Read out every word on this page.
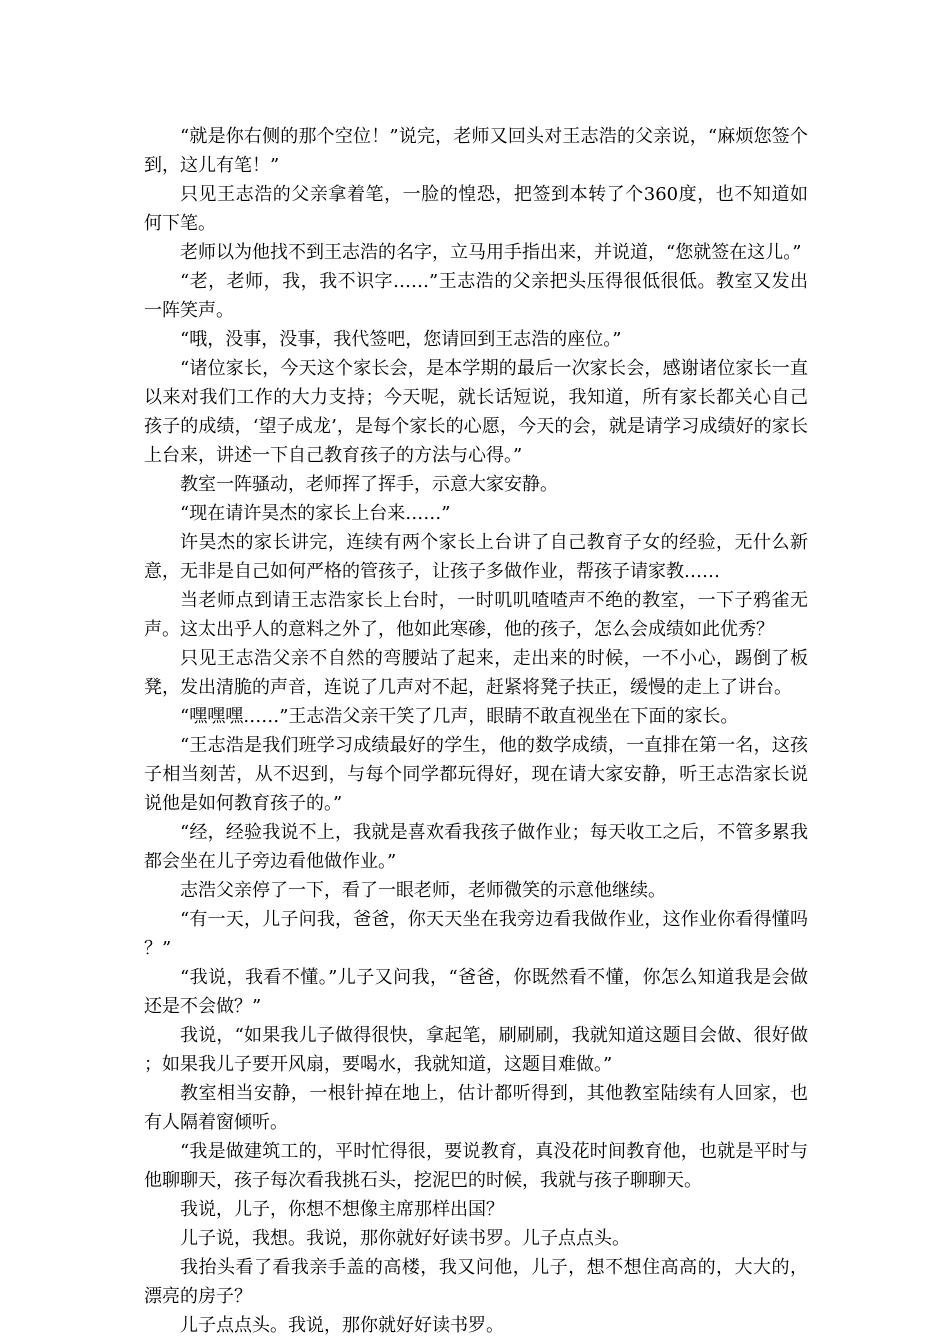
“就是你右侧的那个空位！”说完，老师又回头对王志浩的父亲说，“麻烦您签个到，这儿有笔！”

只见王志浩的父亲拿着笔，一脸的惶恐，把签到本转了个360度，也不知道如何下笔。

老师以为他找不到王志浩的名字，立马用手指出来，并说道，“您就签在这儿。”

“老，老师，我，我不识字……”王志浩的父亲把头压得很低很低。教室又发出一阵笑声。

“哦，没事，没事，我代签吧，您请回到王志浩的座位。”

“诸位家长，今天这个家长会，是本学期的最后一次家长会，感谢诸位家长一直以来对我们工作的大力支持；今天呢，就长话短说，我知道，所有家长都关心自己孩子的成绩，‘望子成龙’，是每个家长的心愿，今天的会，就是请学习成绩好的家长上台来，讲述一下自己教育孩子的方法与心得。”

教室一阵骚动，老师挥了挥手，示意大家安静。

“现在请许昊杰的家长上台来……”

许昊杰的家长讲完，连续有两个家长上台讲了自己教育子女的经验，无什么新意，无非是自己如何严格的管孩子，让孩子多做作业，帮孩子请家教……

当老师点到请王志浩家长上台时，一时叽叽喳喳声不绝的教室，一下子鸦雀无声。这太出乎人的意料之外了，他如此寒碜，他的孩子，怎么会成绩如此优秀？

只见王志浩父亲不自然的弯腰站了起来，走出来的时候，一不小心，踢倒了板凳，发出清脆的声音，连说了几声对不起，赶紧将凳子扶正，缓慢的走上了讲台。

“嘿嘿嘿……”王志浩父亲干笑了几声，眼睛不敢直视坐在下面的家长。

“王志浩是我们班学习成绩最好的学生，他的数学成绩，一直排在第一名，这孩子相当刻苦，从不迟到，与每个同学都玩得好，现在请大家安静，听王志浩家长说说他是如何教育孩子的。”

“经，经验我说不上，我就是喜欢看我孩子做作业；每天收工之后，不管多累我都会坐在儿子旁边看他做作业。”

志浩父亲停了一下，看了一眼老师，老师微笑的示意他继续。

“有一天，儿子问我，爸爸，你天天坐在我旁边看我做作业，这作业你看得懂吗？”

“我说，我看不懂。”儿子又问我，“爸爸，你既然看不懂，你怎么知道我是会做还是不会做？”

我说，“如果我儿子做得很快，拿起笔，刷刷刷，我就知道这题目会做、很好做；如果我儿子要开风扇，要喝水，我就知道，这题目难做。”

教室相当安静，一根针掉在地上，估计都听得到，其他教室陆续有人回家，也有人隔着窗倾听。

“我是做建筑工的，平时忙得很，要说教育，真没花时间教育他，也就是平时与他聊聊天，孩子每次看我挑石头，挖泥巴的时候，我就与孩子聊聊天。

我说，儿子，你想不想像主席那样出国？

儿子说，我想。我说，那你就好好读书罗。儿子点点头。

我抬头看了看我亲手盖的高楼，我又问他，儿子，想不想住高高的，大大的，漂亮的房子？

儿子点点头。我说，那你就好好读书罗。
